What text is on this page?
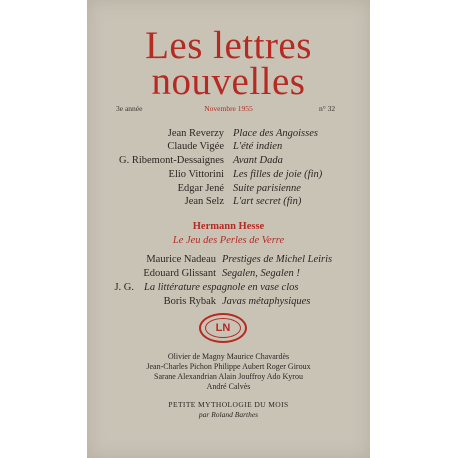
Les lettres
nouvelles
3e année	Novembre 1955	n° 32
Jean Reverzy Place des Angoisses
Claude Vigée L'été indien
G. Ribemont-Dessaignes Avant Dada
Elio Vittorini Les filles de joie (fin)
Edgar Jené Suite parisienne
Jean Selz L'art secret (fin)
Hermann Hesse
Le Jeu des Perles de Verre
Maurice Nadeau Prestiges de Michel Leiris
Edouard Glissant Segalen, Segalen !
J. G. La littérature espagnole en vase clos
Boris Rybak Javas métaphysiques
LN
Olivier de Magny Maurice Chavardès
Jean-Charles Pichon Philippe Aubert Roger Giroux
Sarane Alexandrian Alain Jouffroy Ado Kyrou
André Calvès
PETITE MYTHOLOGIE DU MOIS
par Roland Barthes
